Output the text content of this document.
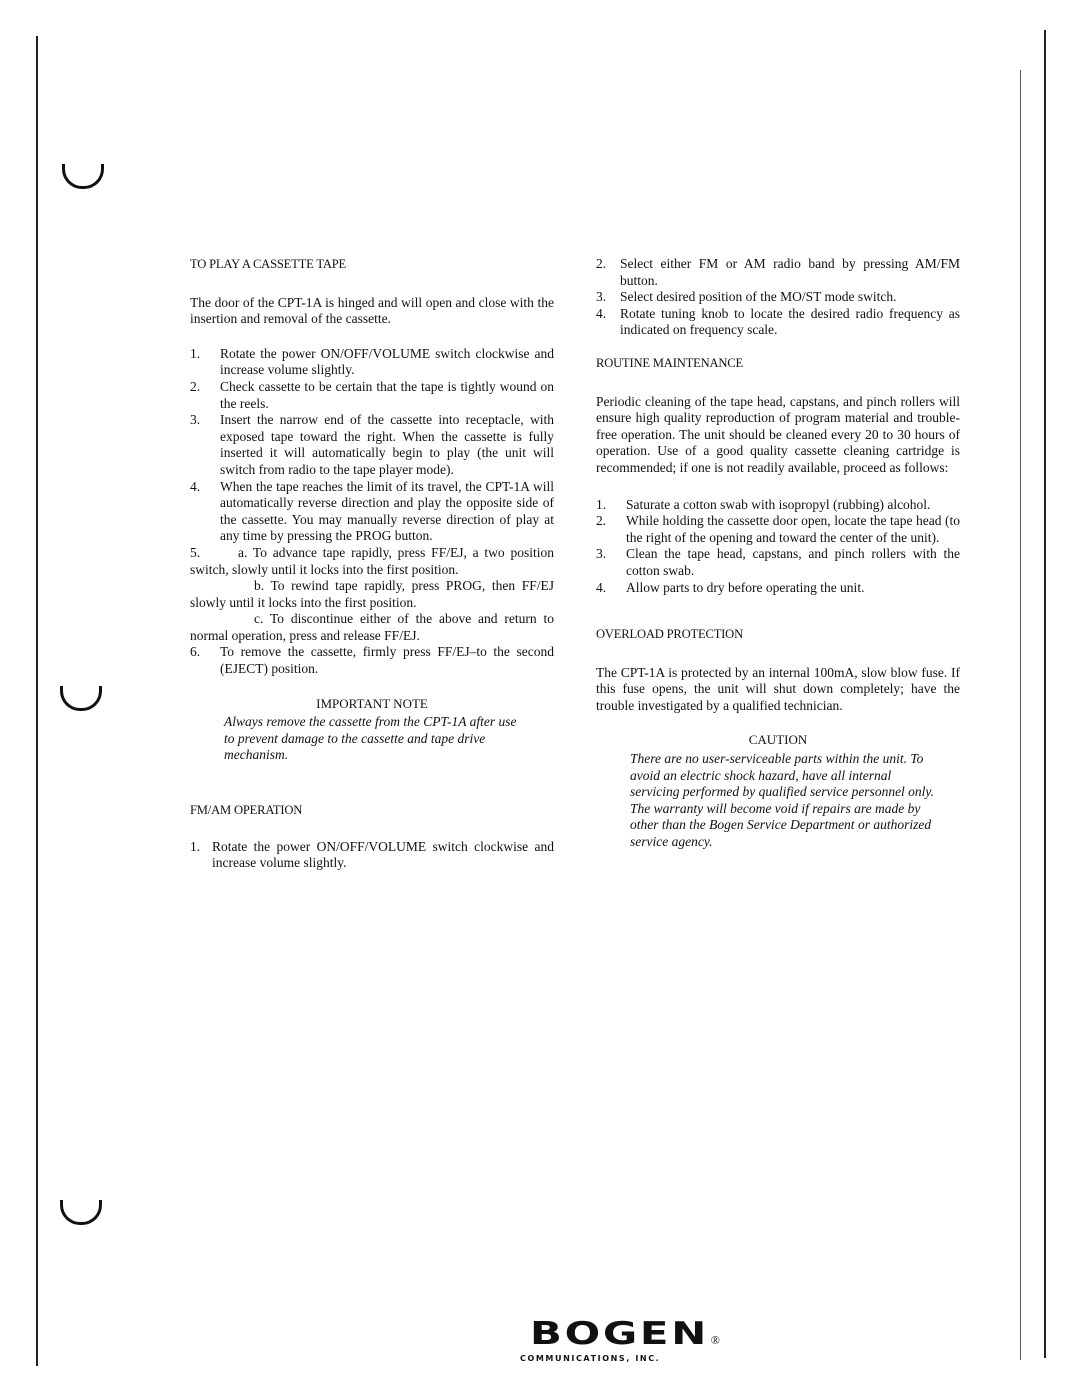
TO PLAY A CASSETTE TAPE

The door of the CPT-1A is hinged and will open and close with the insertion and removal of the cassette.

1. Rotate the power ON/OFF/VOLUME switch clockwise and increase volume slightly.
2. Check cassette to be certain that the tape is tightly wound on the reels.
3. Insert the narrow end of the cassette into receptacle, with exposed tape toward the right. When the cassette is fully inserted it will automatically begin to play (the unit will switch from radio to the tape player mode).
4. When the tape reaches the limit of its travel, the CPT-1A will automatically reverse direction and play the opposite side of the cassette. You may manually reverse direction of play at any time by pressing the PROG button.
5.	a. To advance tape rapidly, press FF/EJ, a two position switch, slowly until it locks into the first position.

b. To rewind tape rapidly, press PROG, then FF/EJ slowly until it locks into the first position.

c. To discontinue either of the above and return to normal operation, press and release FF/EJ.

6. To remove the cassette, firmly press FF/EJ–to the second (EJECT) position.
IMPORTANT NOTE

Always remove the cassette from the CPT-1A after use to prevent damage to the cassette and tape drive mechanism.

FM/AM OPERATION
1. Rotate the power ON/OFF/VOLUME switch clockwise and increase volume slightly.
2. Select either FM or AM radio band by pressing AM/FM button.
3. Select desired position of the MO/ST mode switch.
4. Rotate tuning knob to locate the desired radio frequency as indicated on frequency scale.
ROUTINE MAINTENANCE

Periodic cleaning of the tape head, capstans, and pinch rollers will ensure high quality reproduction of program material and trouble-free operation. The unit should be cleaned every 20 to 30 hours of operation. Use of a good quality cassette cleaning cartridge is recommended; if one is not readily available, proceed as follows:

1. Saturate a cotton swab with isopropyl (rubbing) alcohol.
2. While holding the cassette door open, locate the tape head (to the right of the opening and toward the center of the unit).
3. Clean the tape head, capstans, and pinch rollers with the cotton swab.
4. Allow parts to dry before operating the unit.
OVERLOAD PROTECTION

The CPT-1A is protected by an internal 100mA, slow blow fuse. If this fuse opens, the unit will shut down completely; have the trouble investigated by a qualified technician.

CAUTION

There are no user-serviceable parts within the unit. To avoid an electric shock hazard, have all internal servicing performed by qualified service personnel only. The warranty will become void if repairs are made by other than the Bogen Service Department or authorized service agency.

BOGEN ®
COMMUNICATIONS, INC.
